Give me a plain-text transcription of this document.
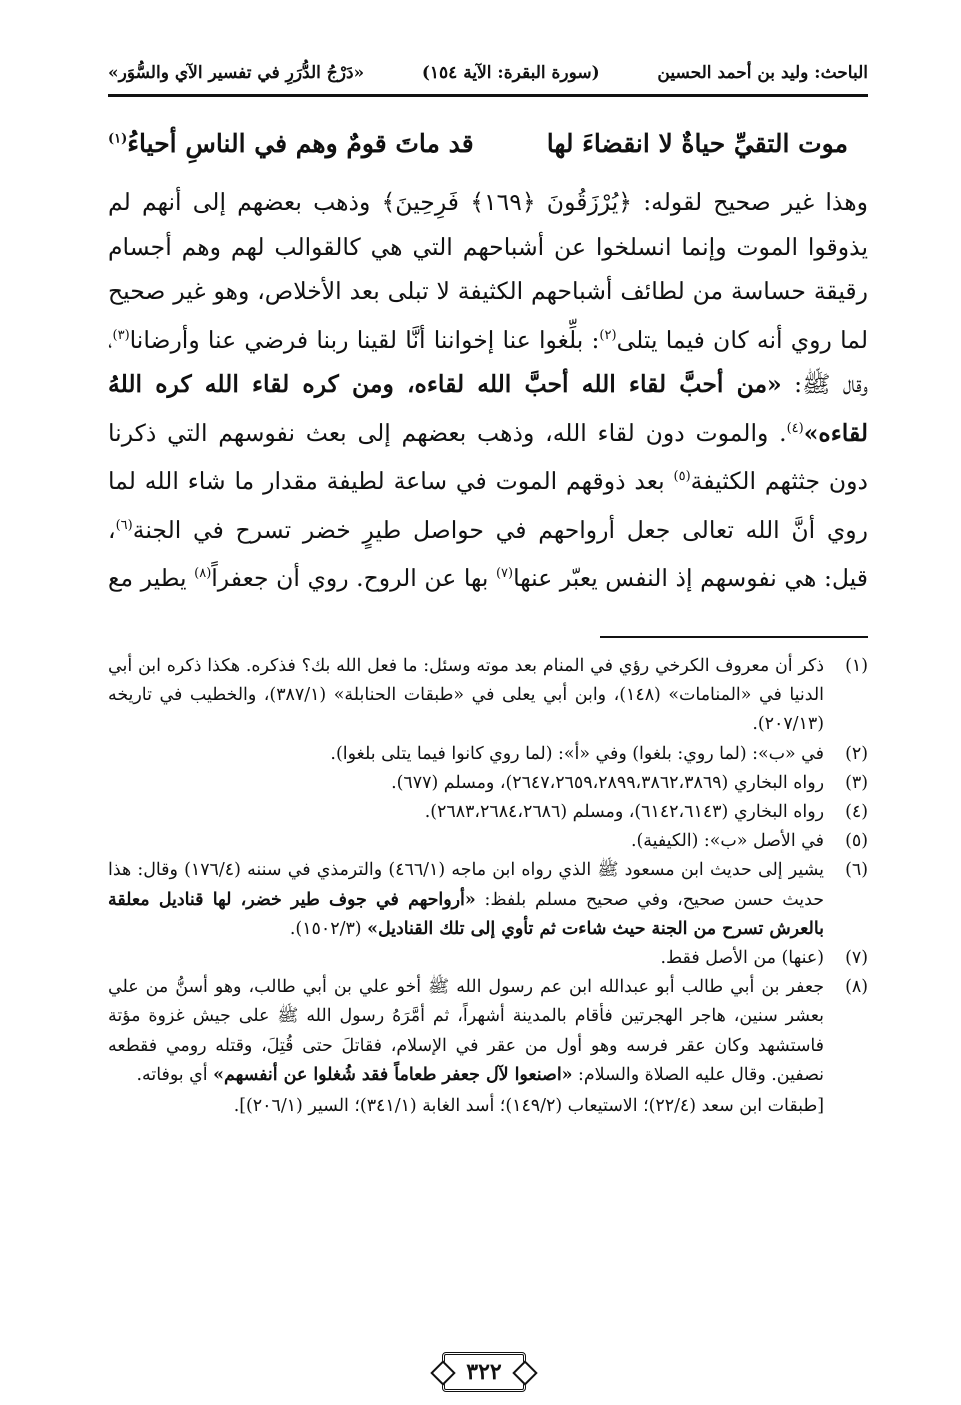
الباحث: وليد بن أحمد الحسين
(سورة البقرة: الآية ١٥٤)
«دَرْجُ الدُّرَرِ في تفسير الآي والسُّوَر»
موت التقيِّ حياةٌ لا انقضاءَ لها
قد ماتَ قومٌ وهم في الناسِ أحياءُ$^{(١)}$

وهذا غير صحيح لقوله: ﴿يُرْزَقُونَ ﴿١٦٩﴾ فَرِحِينَ﴾ وذهب بعضهم إلى أنهم لم يذوقوا الموت وإنما انسلخوا عن أشباحهم التي هي كالقوالب لهم وهم أجسام رقيقة حساسة من لطائف أشباحهم الكثيفة لا تبلى بعد الأخلاص، وهو غير صحيح لما روي أنه كان فيما يتلى$^{(٢)}$: بلِّغوا عنا إخواننا أنَّا لقينا ربنا فرضي عنا وأرضانا$^{(٣)}$، وقال ﷺ: «من أحبَّ لقاء الله أحبَّ الله لقاءه، ومن كره لقاء الله كره اللهُ لقاءه»$^{(٤)}$. والموت دون لقاء الله، وذهب بعضهم إلى بعث نفوسهم التي ذكرنا دون جثثهم الكثيفة$^{(٥)}$ بعد ذوقهم الموت في ساعة لطيفة مقدار ما شاء الله لما روي أنَّ الله تعالى جعل أرواحهم في حواصل طيرٍ خضر تسرح في الجنة$^{(٦)}$، قيل: هي نفوسهم إذ النفس يعبّر عنها$^{(٧)}$ بها عن الروح. روي أن جعفراً$^{(٨)}$ يطير مع

(١)
ذكر أن معروف الكرخي رؤي في المنام بعد موته وسئل: ما فعل الله بك؟ فذكره. هكذا ذكره ابن أبي الدنيا في «المنامات» (١٤٨)، وابن أبي يعلى في «طبقات الحنابلة» (٣٨٧/١)، والخطيب في تاريخه (٢٠٧/١٣).
(٢)
في «ب»: (لما روي: بلغوا) وفي «أ»: (لما روي كانوا فيما يتلى بلغوا).
(٣)
رواه البخاري (٢٦٤٧،٢٦٥٩،٢٨٩٩،٣٨٦٢،٣٨٦٩)، ومسلم (٦٧٧).
(٤)
رواه البخاري (٦١٤٢،٦١٤٣)، ومسلم (٢٦٨٣،٢٦٨٤،٢٦٨٦).
(٥)
في الأصل «ب»: (الكيفية).
(٦)
يشير إلى حديث ابن مسعود ﷺ الذي رواه ابن ماجه (٤٦٦/١) والترمذي في سننه (١٧٦/٤) وقال: هذا حديث حسن صحيح، وفي صحيح مسلم بلفظ: «أرواحهم في جوف طير خضر، لها قناديل معلقة بالعرش تسرح من الجنة حيث شاءت ثم تأوي إلى تلك القناديل» (١٥٠٢/٣).
(٧)
(عنها) من الأصل فقط.
(٨)
جعفر بن أبي طالب أبو عبدالله ابن عم رسول الله ﷺ أخو علي بن أبي طالب، وهو أسنُّ من علي بعشر سنين، هاجر الهجرتين فأقام بالمدينة أشهراً، ثم أمَّرَهُ رسول الله ﷺ على جيش غزوة مؤتة فاستشهد وكان عقر فرسه وهو أول من عقر في الإسلام، فقاتلَ حتى قُتِلَ، وقتله رومي فقطعه نصفين. وقال عليه الصلاة والسلام: «اصنعوا لآل جعفر طعاماً فقد شُغلوا عن أنفسهم» أي بوفاته.
[طبقات ابن سعد (٢٢/٤)؛ الاستيعاب (١٤٩/٢)؛ أسد الغابة (٣٤١/١)؛ السير (٢٠٦/١)].
٣٢٢
